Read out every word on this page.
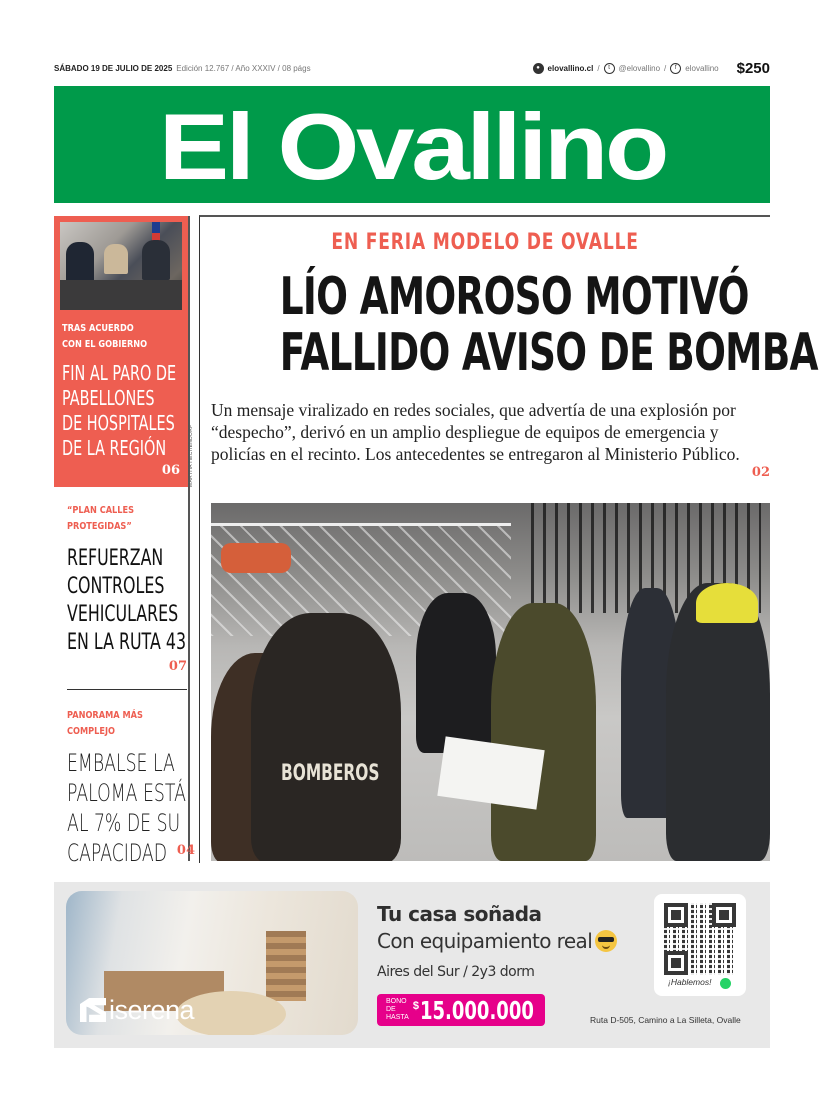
SÁBADO 19 DE JULIO DE 2025 Edición 12.767 / Año XXXIV / 08 págs	● elovallino.cl /	t	@elovallino /	f	elovallino $250
El Ovallino
TRAS ACUERDO
CON EL GOBIERNO
FIN AL PARO DE
PABELLONES
DE HOSPITALES
DE LA REGIÓN
06
“PLAN CALLES
PROTEGIDAS”
REFUERZAN
CONTROLES
VEHICULARES
EN LA RUTA 43
07
PANORAMA MÁS
COMPLEJO
EMBALSE LA
PALOMA ESTÁ
AL 7% DE SU
CAPACIDAD 04
EN FERIA MODELO DE OVALLE
LÍO AMOROSO MOTIVÓ
FALLIDO AVISO DE BOMBA
Un mensaje viralizado en redes sociales, que advertía de una explosión por “despecho”, derivó en un amplio despliegue de equipos de emergencia y policías en el recinto. Los antecedentes se entregaron al Ministerio Público.
02
MARTHA HECHENDORF
BOMBEROS
iserena
Tu casa soñada
Con equipamiento real
Aires del Sur / 2y3 dorm
BONO
DE HASTA
$ 15.000.000	Ruta D-505, Camino a La Silleta, Ovalle
¡Hablemos!
